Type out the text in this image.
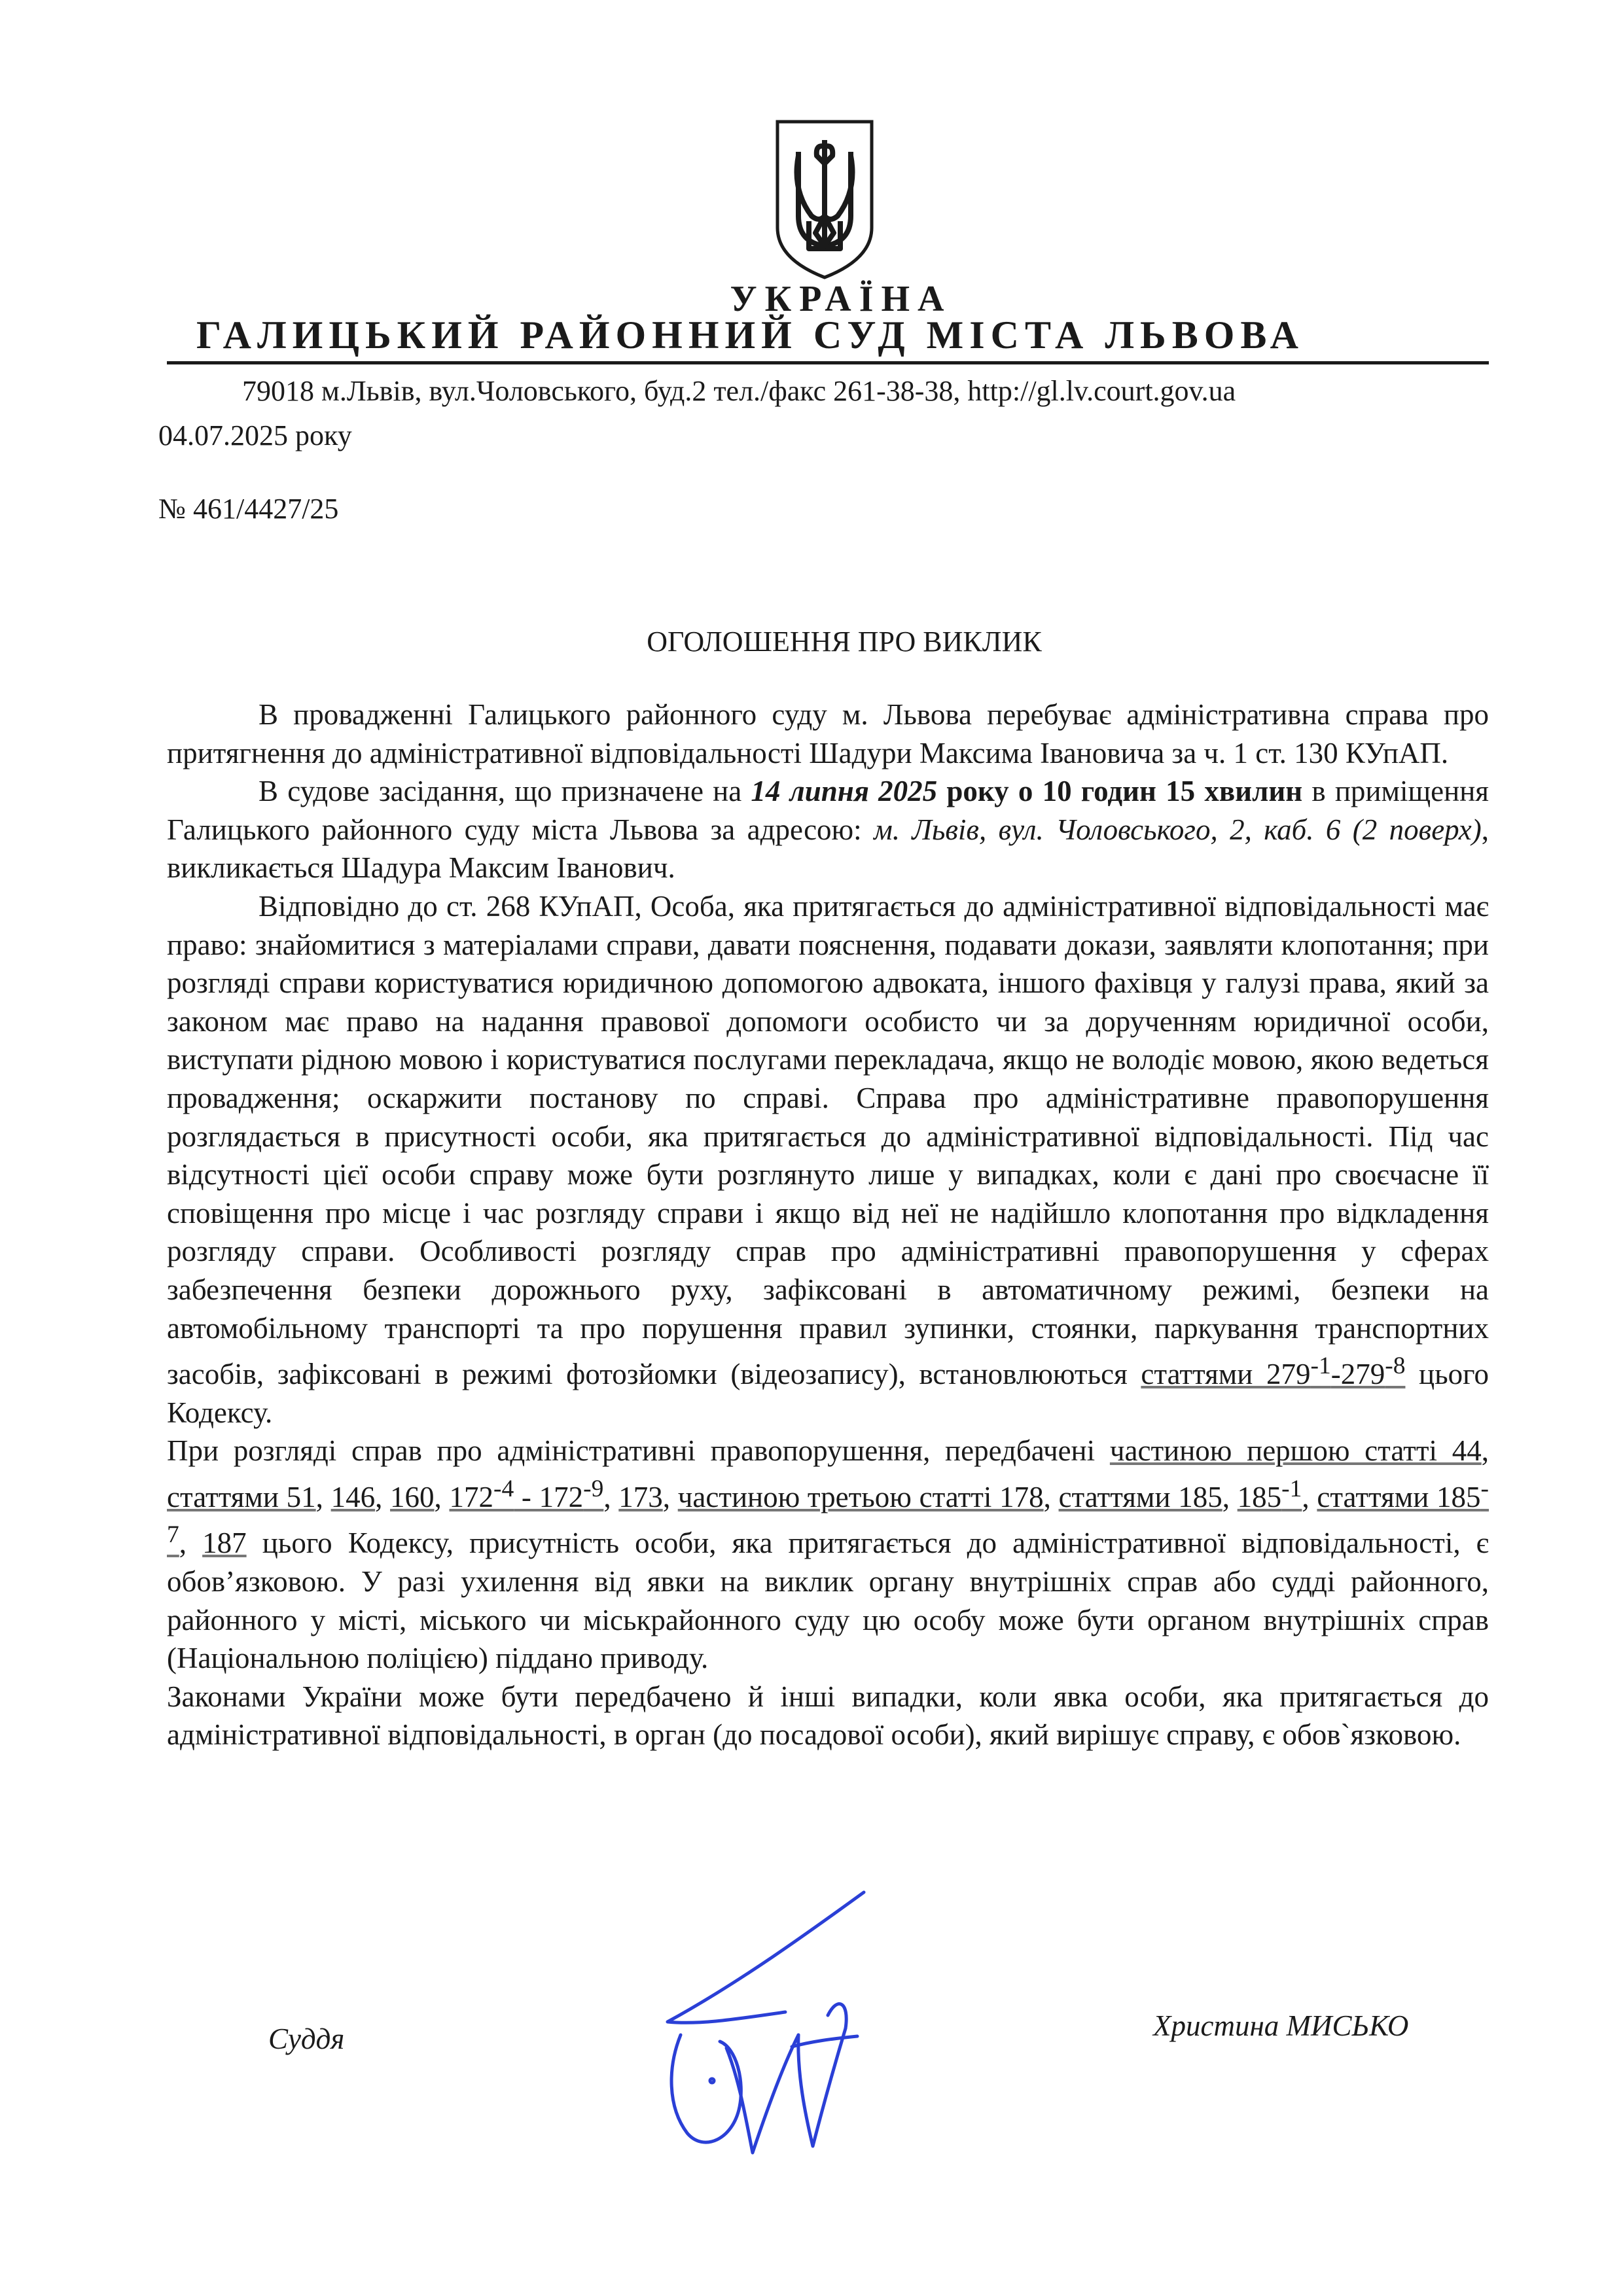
УКРАЇНА
ГАЛИЦЬКИЙ РАЙОННИЙ СУД МІСТА ЛЬВОВА
79018 м.Львів, вул.Чоловського, буд.2 тел./факс 261-38-38, http://gl.lv.court.gov.ua
04.07.2025 року
№ 461/4427/25
ОГОЛОШЕННЯ ПРО ВИКЛИК

В провадженні Галицького районного суду м. Львова перебуває адміністративна справа про притягнення до адміністративної відповідальності Шадури Максима Івановича за ч. 1 ст. 130 КУпАП.

В судове засідання, що призначене на 14 липня 2025 року о 10 годин 15 хвилин в приміщення Галицького районного суду міста Львова за адресою: м. Львів, вул. Чоловського, 2, каб. 6 (2 поверх), викликається Шадура Максим Іванович.

Відповідно до ст. 268 КУпАП, Особа, яка притягається до адміністративної відповідальності має право: знайомитися з матеріалами справи, давати пояснення, подавати докази, заявляти клопотання; при розгляді справи користуватися юридичною допомогою адвоката, іншого фахівця у галузі права, який за законом має право на надання правової допомоги особисто чи за дорученням юридичної особи, виступати рідною мовою і користуватися послугами перекладача, якщо не володіє мовою, якою ведеться провадження; оскаржити постанову по справі. Справа про адміністративне правопорушення розглядається в присутності особи, яка притягається до адміністративної відповідальності. Під час відсутності цієї особи справу може бути розглянуто лише у випадках, коли є дані про своєчасне її сповіщення про місце і час розгляду справи і якщо від неї не надійшло клопотання про відкладення розгляду справи. Особливості розгляду справ про адміністративні правопорушення у сферах забезпечення безпеки дорожнього руху, зафіксовані в автоматичному режимі, безпеки на автомобільному транспорті та про порушення правил зупинки, стоянки, паркування транспортних засобів, зафіксовані в режимі фотозйомки (відеозапису), встановлюються статтями $279^{-1}-279^{-8}$ цього Кодексу.

При розгляді справ про адміністративні правопорушення, передбачені частиною першою статті 44, статтями 51, 146, 160, $172^{-4} - 172^{-9}$, 173, частиною третьою статті 178, статтями 185, $185^{-1}$, статтями $185^{-7}$, 187 цього Кодексу, присутність особи, яка притягається до адміністративної відповідальності, є обов’язковою. У разі ухилення від явки на виклик органу внутрішніх справ або судді районного, районного у місті, міського чи міськрайонного суду цю особу може бути органом внутрішніх справ (Національною поліцією) піддано приводу.

Законами України може бути передбачено й інші випадки, коли явка особи, яка притягається до адміністративної відповідальності, в орган (до посадової особи), який вирішує справу, є обов`язковою.

Суддя	Христина МИСЬКО
